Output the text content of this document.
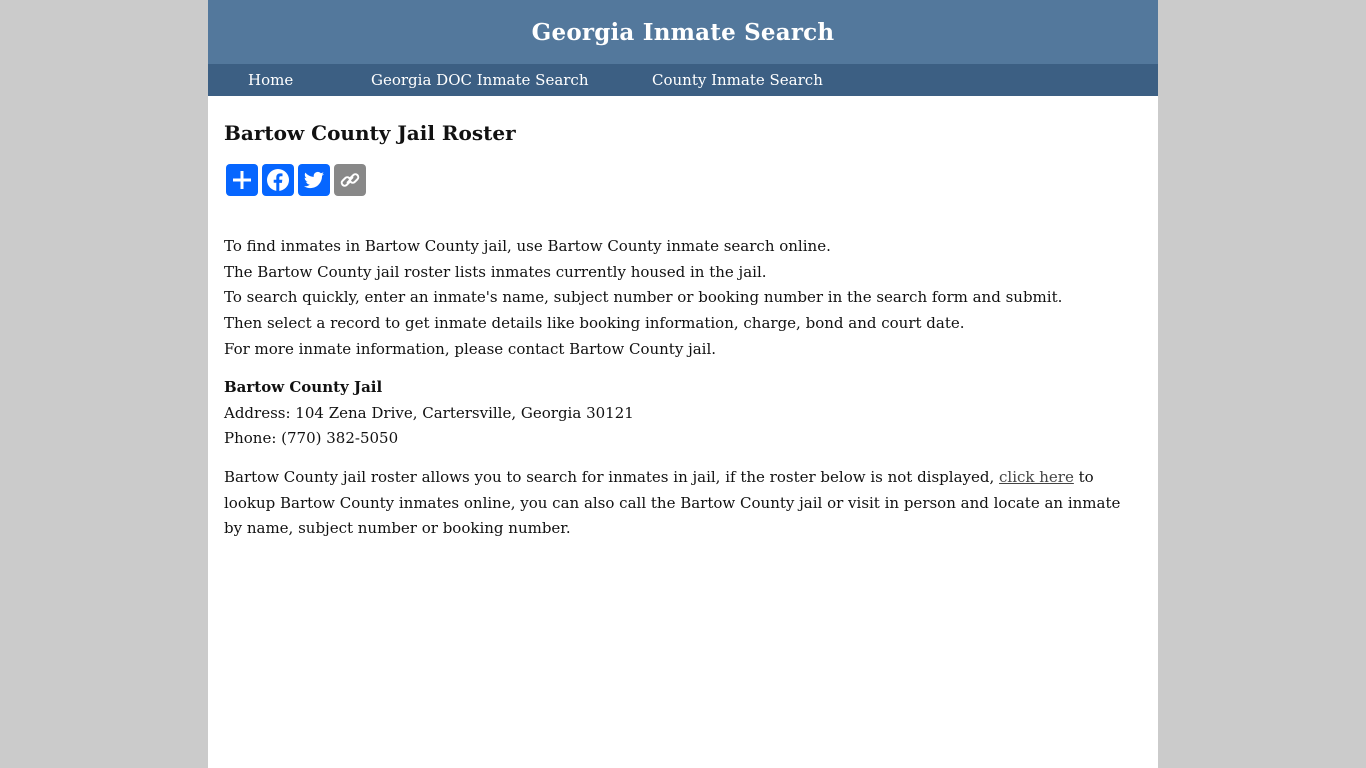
Georgia Inmate Search
Home	Georgia DOC Inmate Search	County Inmate Search
Bartow County Jail Roster

To find inmates in Bartow County jail, use Bartow County inmate search online.

The Bartow County jail roster lists inmates currently housed in the jail.

To search quickly, enter an inmate's name, subject number or booking number in the search form and submit.

Then select a record to get inmate details like booking information, charge, bond and court date.

For more inmate information, please contact Bartow County jail.

Bartow County Jail
Address: 104 Zena Drive, Cartersville, Georgia 30121
Phone: (770) 382-5050

Bartow County jail roster allows you to search for inmates in jail, if the roster below is not displayed, click here to lookup Bartow County inmates online, you can also call the Bartow County jail or visit in person and locate an inmate by name, subject number or booking number.
